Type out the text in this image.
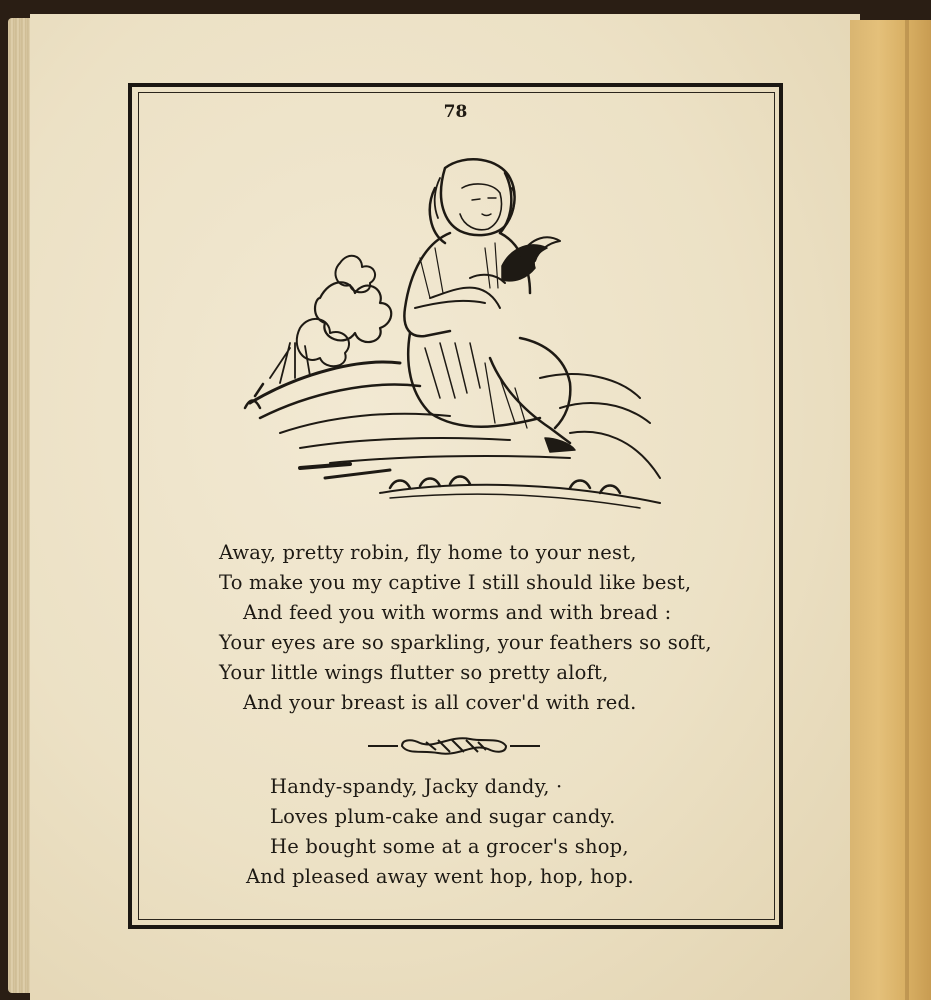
78
Away, pretty robin, fly home to your nest,
To make you my captive I still should like best,
And feed you with worms and with bread :
Your eyes are so sparkling, your feathers so soft,
Your little wings flutter so pretty aloft,
And your breast is all cover'd with red.
Handy-spandy, Jacky dandy, ·
Loves plum-cake and sugar candy.
He bought some at a grocer's shop,
And pleased away went hop, hop, hop.
